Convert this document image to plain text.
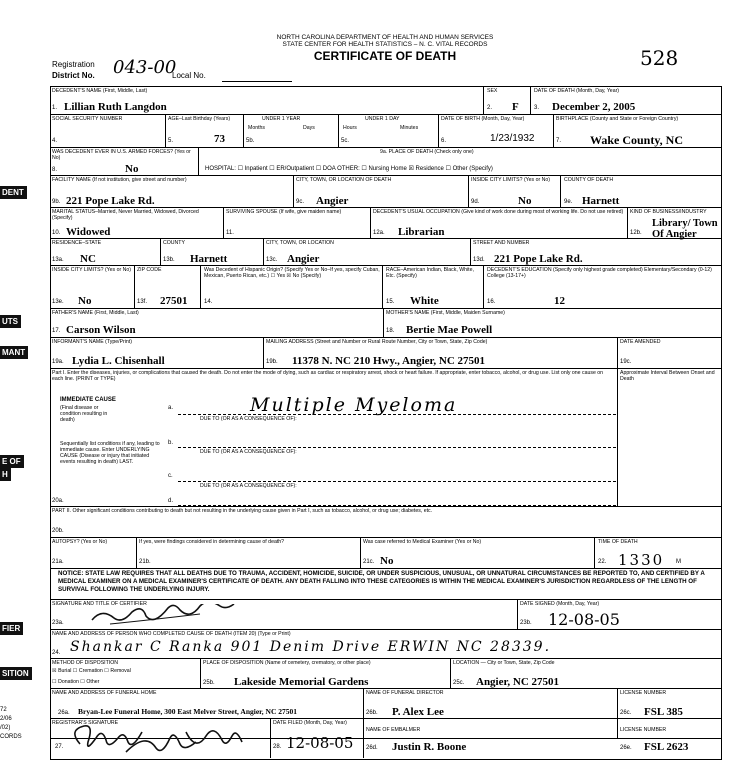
NORTH CAROLINA DEPARTMENT OF HEALTH AND HUMAN SERVICES
STATE CENTER FOR HEALTH STATISTICS – N. C. VITAL RECORDS
CERTIFICATE OF DEATH	528
Registration
District No. 043-00
Local No.
DENT
UTS
MANT
E OF
H
FIER
SITION
72
2/06
/02)
CORDS
DECEDENT'S NAME (First, Middle, Last)
1. Lillian Ruth Langdon
SEX
2. F
DATE OF DEATH (Month, Day, Year)
3. December 2, 2005
SOCIAL SECURITY NUMBER
4.
AGE–Last Birthday (Years)
5.	73
UNDER 1 YEAR
Months	Days
5b.
UNDER 1 DAY
Hours	Minutes
5c.
DATE OF BIRTH (Month, Day, Year)
6.	1/23/1932
BIRTHPLACE (County and State or Foreign Country)
7. Wake County, NC
WAS DECEDENT EVER IN U.S. ARMED FORCES? (Yes or No)
8.	No
9a. PLACE OF DEATH (Check only one)
HOSPITAL: ☐ Inpatient ☐ ER/Outpatient ☐ DOA OTHER: ☐ Nursing Home ☒ Residence ☐ Other (Specify)
FACILITY NAME (If not institution, give street and number)
9b. 221 Pope Lake Rd.
CITY, TOWN, OR LOCATION OF DEATH
9c. Angier
INSIDE CITY LIMITS? (Yes or No)
9d.	No
COUNTY OF DEATH
9e. Harnett
MARITAL STATUS–Married, Never Married, Widowed, Divorced (Specify)
10. Widowed
SURVIVING SPOUSE (If wife, give maiden name)
11.
DECEDENT'S USUAL OCCUPATION (Give kind of work done during most of working life. Do not use retired)
12a. Librarian
KIND OF BUSINESS/INDUSTRY
12b.
Library/ Town Of Angier
RESIDENCE–STATE
13a. NC
COUNTY
13b. Harnett
CITY, TOWN, OR LOCATION
13c. Angier
STREET AND NUMBER
13d. 221 Pope Lake Rd.
INSIDE CITY LIMITS? (Yes or No)
13e. No
ZIP CODE
13f. 27501
Was Decedent of Hispanic Origin? (Specify Yes or No–If yes, specify Cuban, Mexican, Puerto Rican, etc.) ☐ Yes ☒ No (Specify)
14.
RACE–American Indian, Black, White, Etc. (Specify)
15. White
DECEDENT'S EDUCATION (Specify only highest grade completed) Elementary/Secondary (0-12) College (13-17+)
16.	12
FATHER'S NAME (First, Middle, Last)
17. Carson Wilson
MOTHER'S NAME (First, Middle, Maiden Surname)
18. Bertie Mae Powell
INFORMANT'S NAME (Type/Print)
19a. Lydia L. Chisenhall
MAILING ADDRESS (Street and Number or Rural Route Number, City or Town, State, Zip Code)
19b. 11378 N. NC 210 Hwy., Angier, NC 27501
DATE AMENDED
19c.
Part I. Enter the diseases, injuries, or complications that caused the death. Do not enter the mode of dying, such as cardiac or respiratory arrest, shock or heart failure. If appropriate, enter tobacco, alcohol, or drug use. List only one cause on each line. (PRINT or TYPE)
Approximate Interval Between Onset and Death
IMMEDIATE CAUSE
(Final disease or condition resulting in death)
a.	Multiple Myeloma
DUE TO (OR AS A CONSEQUENCE OF):
Sequentially list conditions if any, leading to immediate cause. Enter UNDERLYING CAUSE (Disease or injury that initiated events resulting in death) LAST.
b.
DUE TO (OR AS A CONSEQUENCE OF):
c.
DUE TO (OR AS A CONSEQUENCE OF):
20a.	d.
PART II. Other significant conditions contributing to death but not resulting in the underlying cause given in Part I, such as tobacco, alcohol, or drug use; diabetes, etc.
20b.
AUTOPSY? (Yes or No)
21a.
If yes, were findings considered in determining cause of death?
21b.
Was case referred to Medical Examiner (Yes or No)
21c. No
TIME OF DEATH
22. 1330 M
NOTICE: STATE LAW REQUIRES THAT ALL DEATHS DUE TO TRAUMA, ACCIDENT, HOMICIDE, SUICIDE, OR UNDER SUSPICIOUS, UNUSUAL, OR UNNATURAL CIRCUMSTANCES BE REPORTED TO, AND CERTIFIED BY A MEDICAL EXAMINER ON A MEDICAL EXAMINER'S CERTIFICATE OF DEATH. ANY DEATH FALLING INTO THESE CATEGORIES IS WITHIN THE MEDICAL EXAMINER'S JURISDICTION REGARDLESS OF THE LENGTH OF SURVIVAL FOLLOWING THE UNDERLYING INJURY.
SIGNATURE AND TITLE OF CERTIFIER
23a.
DATE SIGNED (Month, Day, Year)
23b. 12-08-05
NAME AND ADDRESS OF PERSON WHO COMPLETED CAUSE OF DEATH (ITEM 20) (Type or Print)
24. Shankar C Ranka 901 Denim Drive ERWIN NC 28339.
METHOD OF DISPOSITION
☒ Burial ☐ Cremation ☐ Removal
☐ Donation ☐ Other
PLACE OF DISPOSITION (Name of cemetery, crematory, or other place)
25b. Lakeside Memorial Gardens
LOCATION — City or Town, State, Zip Code
25c. Angier, NC 27501
NAME AND ADDRESS OF FUNERAL HOME
26a. Bryan-Lee Funeral Home, 300 East Melver Street, Angier, NC 27501
NAME OF FUNERAL DIRECTOR
26b. P. Alex Lee
LICENSE NUMBER
26c. FSL 385
REGISTRAR'S SIGNATURE
27.
DATE FILED (Month, Day, Year)
28. 12-08-05
NAME OF EMBALMER
26d. Justin R. Boone
LICENSE NUMBER
26e. FSL 2623
